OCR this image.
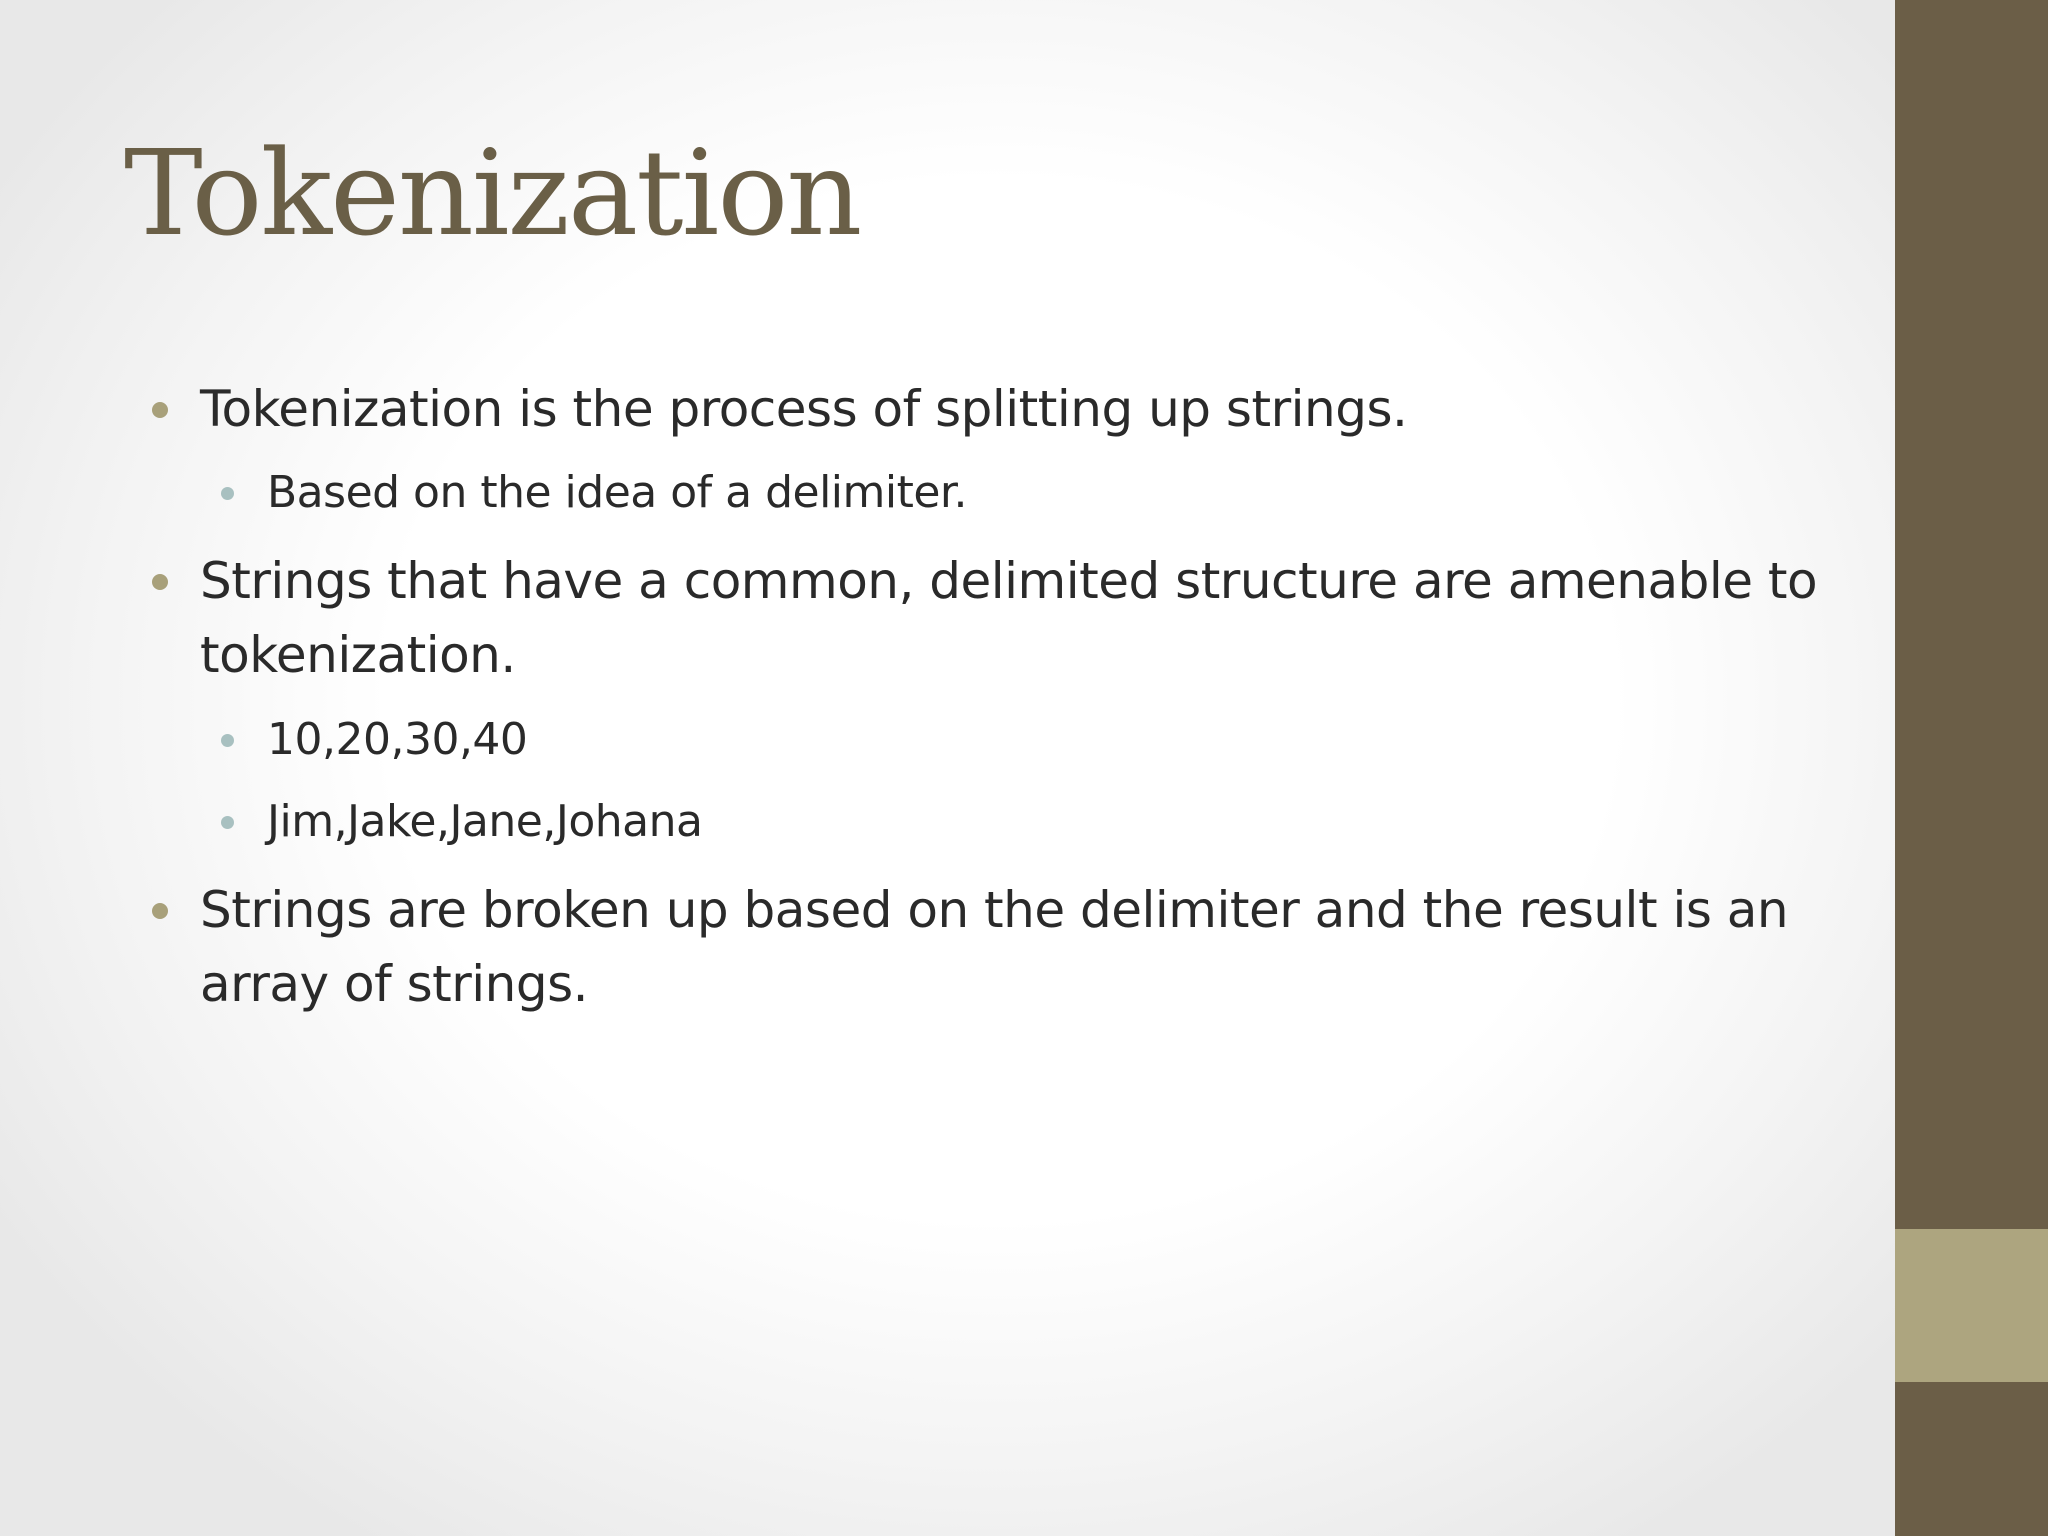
Tokenization
Tokenization is the process of splitting up strings.
Based on the idea of a delimiter.
Strings that have a common, delimited structure are amenable to tokenization.
10,20,30,40
Jim,Jake,Jane,Johana
Strings are broken up based on the delimiter and the result is an array of strings.
